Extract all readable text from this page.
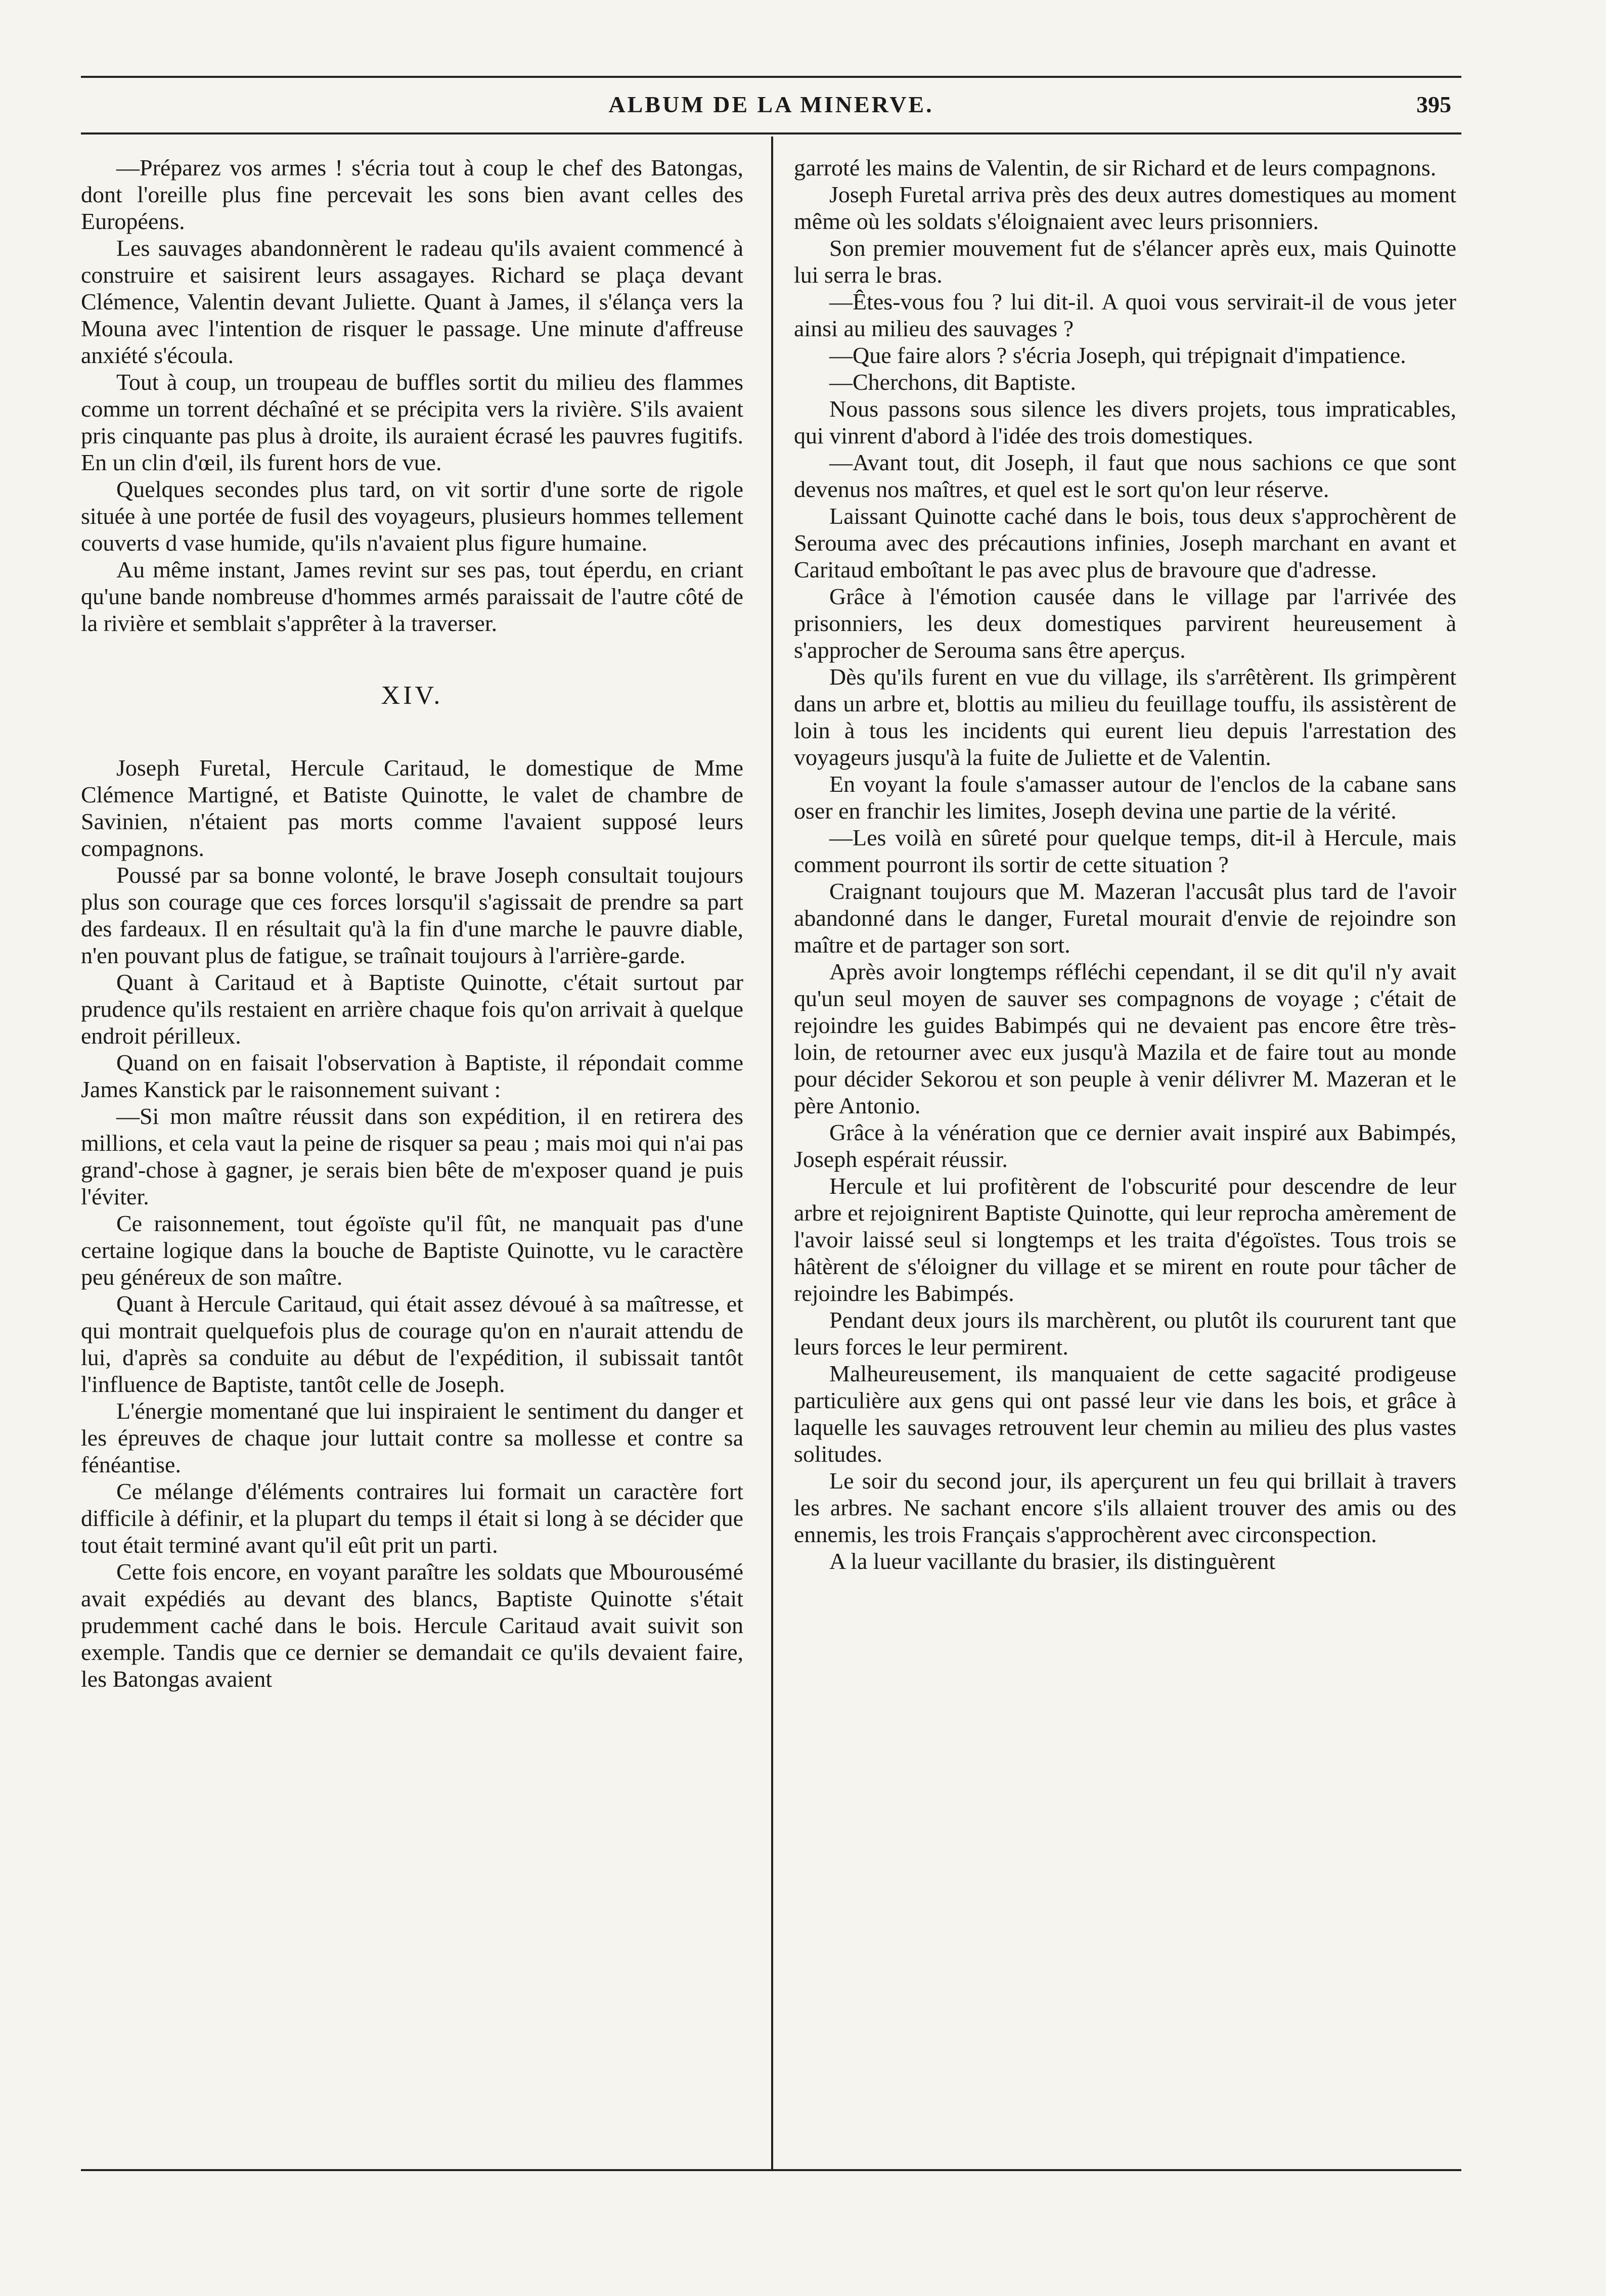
ALBUM DE LA MINERVE.	395

—Préparez vos armes ! s'écria tout à coup le chef des Batongas, dont l'oreille plus fine percevait les sons bien avant celles des Européens.

Les sauvages abandonnèrent le radeau qu'ils avaient commencé à construire et saisirent leurs assagayes. Richard se plaça devant Clémence, Valentin devant Juliette. Quant à James, il s'élança vers la Mouna avec l'intention de risquer le passage. Une minute d'affreuse anxiété s'écoula.

Tout à coup, un troupeau de buffles sortit du milieu des flammes comme un torrent déchaîné et se précipita vers la rivière. S'ils avaient pris cinquante pas plus à droite, ils auraient écrasé les pauvres fugitifs. En un clin d'œil, ils furent hors de vue.

Quelques secondes plus tard, on vit sortir d'une sorte de rigole située à une portée de fusil des voyageurs, plusieurs hommes tellement couverts d vase humide, qu'ils n'avaient plus figure humaine.

Au même instant, James revint sur ses pas, tout éperdu, en criant qu'une bande nombreuse d'hommes armés paraissait de l'autre côté de la rivière et semblait s'apprêter à la traverser.

XIV.

Joseph Furetal, Hercule Caritaud, le domestique de Mme Clémence Martigné, et Batiste Quinotte, le valet de chambre de Savinien, n'étaient pas morts comme l'avaient supposé leurs compagnons.

Poussé par sa bonne volonté, le brave Joseph consultait toujours plus son courage que ces forces lorsqu'il s'agissait de prendre sa part des fardeaux. Il en résultait qu'à la fin d'une marche le pauvre diable, n'en pouvant plus de fatigue, se traînait toujours à l'arrière-garde.

Quant à Caritaud et à Baptiste Quinotte, c'était surtout par prudence qu'ils restaient en arrière chaque fois qu'on arrivait à quelque endroit périlleux.

Quand on en faisait l'observation à Baptiste, il répondait comme James Kanstick par le raisonnement suivant :

—Si mon maître réussit dans son expédition, il en retirera des millions, et cela vaut la peine de risquer sa peau ; mais moi qui n'ai pas grand'-chose à gagner, je serais bien bête de m'exposer quand je puis l'éviter.

Ce raisonnement, tout égoïste qu'il fût, ne manquait pas d'une certaine logique dans la bouche de Baptiste Quinotte, vu le caractère peu généreux de son maître.

Quant à Hercule Caritaud, qui était assez dévoué à sa maîtresse, et qui montrait quelquefois plus de courage qu'on en n'aurait attendu de lui, d'après sa conduite au début de l'expédition, il subissait tantôt l'influence de Baptiste, tantôt celle de Joseph.

L'énergie momentané que lui inspiraient le sentiment du danger et les épreuves de chaque jour luttait contre sa mollesse et contre sa fénéantise.

Ce mélange d'éléments contraires lui formait un caractère fort difficile à définir, et la plupart du temps il était si long à se décider que tout était terminé avant qu'il eût prit un parti.

Cette fois encore, en voyant paraître les soldats que Mbourousémé avait expédiés au devant des blancs, Baptiste Quinotte s'était prudemment caché dans le bois. Hercule Caritaud avait suivit son exemple. Tandis que ce dernier se demandait ce qu'ils devaient faire, les Batongas avaient

garroté les mains de Valentin, de sir Richard et de leurs compagnons.

Joseph Furetal arriva près des deux autres domestiques au moment même où les soldats s'éloignaient avec leurs prisonniers.

Son premier mouvement fut de s'élancer après eux, mais Quinotte lui serra le bras.

—Êtes-vous fou ? lui dit-il. A quoi vous servirait-il de vous jeter ainsi au milieu des sauvages ?

—Que faire alors ? s'écria Joseph, qui trépignait d'impatience.

—Cherchons, dit Baptiste.

Nous passons sous silence les divers projets, tous impraticables, qui vinrent d'abord à l'idée des trois domestiques.

—Avant tout, dit Joseph, il faut que nous sachions ce que sont devenus nos maîtres, et quel est le sort qu'on leur réserve.

Laissant Quinotte caché dans le bois, tous deux s'approchèrent de Serouma avec des précautions infinies, Joseph marchant en avant et Caritaud emboîtant le pas avec plus de bravoure que d'adresse.

Grâce à l'émotion causée dans le village par l'arrivée des prisonniers, les deux domestiques parvirent heureusement à s'approcher de Serouma sans être aperçus.

Dès qu'ils furent en vue du village, ils s'arrêtèrent. Ils grimpèrent dans un arbre et, blottis au milieu du feuillage touffu, ils assistèrent de loin à tous les incidents qui eurent lieu depuis l'arrestation des voyageurs jusqu'à la fuite de Juliette et de Valentin.

En voyant la foule s'amasser autour de l'enclos de la cabane sans oser en franchir les limites, Joseph devina une partie de la vérité.

—Les voilà en sûreté pour quelque temps, dit-il à Hercule, mais comment pourront ils sortir de cette situation ?

Craignant toujours que M. Mazeran l'accusât plus tard de l'avoir abandonné dans le danger, Furetal mourait d'envie de rejoindre son maître et de partager son sort.

Après avoir longtemps réfléchi cependant, il se dit qu'il n'y avait qu'un seul moyen de sauver ses compagnons de voyage ; c'était de rejoindre les guides Babimpés qui ne devaient pas encore être très-loin, de retourner avec eux jusqu'à Mazila et de faire tout au monde pour décider Sekorou et son peuple à venir délivrer M. Mazeran et le père Antonio.

Grâce à la vénération que ce dernier avait inspiré aux Babimpés, Joseph espérait réussir.

Hercule et lui profitèrent de l'obscurité pour descendre de leur arbre et rejoignirent Baptiste Quinotte, qui leur reprocha amèrement de l'avoir laissé seul si longtemps et les traita d'égoïstes. Tous trois se hâtèrent de s'éloigner du village et se mirent en route pour tâcher de rejoindre les Babimpés.

Pendant deux jours ils marchèrent, ou plutôt ils coururent tant que leurs forces le leur permirent.

Malheureusement, ils manquaient de cette sagacité prodigeuse particulière aux gens qui ont passé leur vie dans les bois, et grâce à laquelle les sauvages retrouvent leur chemin au milieu des plus vastes solitudes.

Le soir du second jour, ils aperçurent un feu qui brillait à travers les arbres. Ne sachant encore s'ils allaient trouver des amis ou des ennemis, les trois Français s'approchèrent avec circonspection.

A la lueur vacillante du brasier, ils distinguèrent
